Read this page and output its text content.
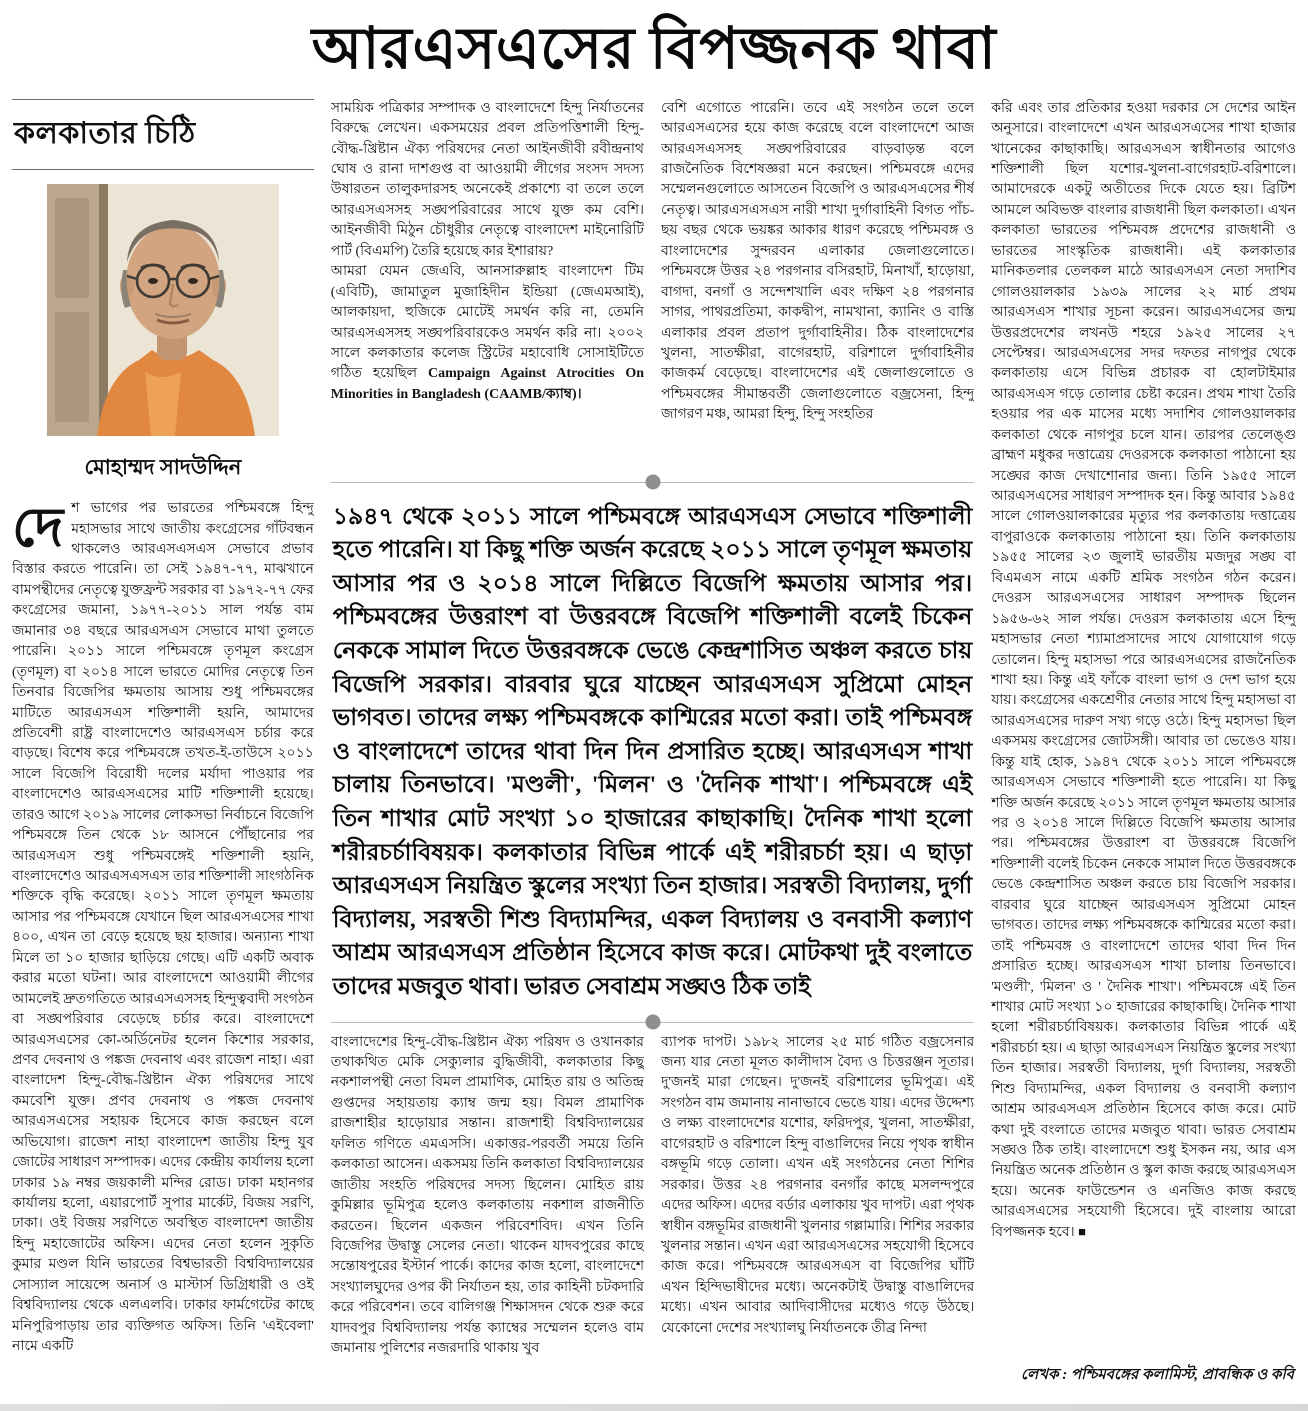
আরএসএসের বিপজ্জনক থাবা
কলকাতার চিঠি
মোহাম্মদ সাদউদ্দিন
দেশ ভাগের পর ভারতের পশ্চিমবঙ্গে হিন্দু মহাসভার সাথে জাতীয় কংগ্রেসের গাঁটবন্ধন থাকলেও আরএসএসএস সেভাবে প্রভাব বিস্তার করতে পারেনি। তা সেই ১৯৪৭-৭৭, মাঝখানে বামপন্থীদের নেতৃত্বে যুক্তফ্রন্ট সরকার বা ১৯৭২-৭৭ ফের কংগ্রেসের জমানা, ১৯৭৭-২০১১ সাল পর্যন্ত বাম জমানার ৩৪ বছরে আরএসএস সেভাবে মাথা তুলতে পারেনি। ২০১১ সালে পশ্চিমবঙ্গে তৃণমূল কংগ্রেস (তৃণমূল) বা ২০১৪ সালে ভারতে মোদির নেতৃত্বে তিন তিনবার বিজেপির ক্ষমতায় আসায় শুধু পশ্চিমবঙ্গের মাটিতে আরএসএস শক্তিশালী হয়নি, আমাদের প্রতিবেশী রাষ্ট্র বাংলাদেশেও আরএসএস চর্চার করে বাড়ছে। বিশেষ করে পশ্চিমবঙ্গে তখত-ই-তাউসে ২০১১ সালে বিজেপি বিরোধী দলের মর্যাদা পাওয়ার পর বাংলাদেশেও আরএসএসের মাটি শক্তিশালী হয়েছে। তারও আগে ২০১৯ সালের লোকসভা নির্বাচনে বিজেপি পশ্চিমবঙ্গে তিন থেকে ১৮ আসনে পৌঁছানোর পর আরএসএস শুধু পশ্চিমবঙ্গেই শক্তিশালী হয়নি, বাংলাদেশেও আরএসএসএস তার শক্তিশালী সাংগঠনিক শক্তিকে বৃদ্ধি করেছে। ২০১১ সালে তৃণমূল ক্ষমতায় আসার পর পশ্চিমবঙ্গে যেখানে ছিল আরএসএসের শাখা ৪০০, এখন তা বেড়ে হয়েছে ছয় হাজার। অন্যান্য শাখা মিলে তা ১০ হাজার ছাড়িয়ে গেছে। এটি একটি অবাক করার মতো ঘটনা। আর বাংলাদেশে আওয়ামী লীগের আমলেই দ্রুতগতিতে আরএসএসসহ হিন্দুত্ববাদী সংগঠন বা সঙ্ঘপরিবার বেড়েছে চর্চার করে। বাংলাদেশে আরএসএসের কো-অর্ডিনেটর হলেন কিশোর সরকার, প্রণব দেবনাথ ও পঙ্কজ দেবনাথ এবং রাজেশ নাহা। এরা বাংলাদেশ হিন্দু-বৌদ্ধ-খ্রিষ্টান ঐক্য পরিষদের সাথে কমবেশি যুক্ত। প্রণব দেবনাথ ও পঙ্কজ দেবনাথ আরএসএসের সহায়ক হিসেবে কাজ করছেন বলে অভিযোগ। রাজেশ নাহা বাংলাদেশ জাতীয় হিন্দু যুব জোটের সাধারণ সম্পাদক। এদের কেন্দ্রীয় কার্যালয় হলো ঢাকার ১৯ নম্বর জয়কালী মন্দির রোড। ঢাকা মহানগর কার্যালয় হলো, এয়ারপোর্ট সুপার মার্কেট, বিজয় সরণি, ঢাকা। ওই বিজয় সরণিতে অবস্থিত বাংলাদেশ জাতীয় হিন্দু মহাজোটের অফিস। এদের নেতা হলেন সুকৃতি কুমার মণ্ডল যিনি ভারতের বিশ্বভারতী বিশ্ববিদ্যালয়ের সোস্যাল সায়েন্সে অনার্স ও মাস্টার্স ডিগ্রিধারী ও ওই বিশ্ববিদ্যালয় থেকে এলএলবি। ঢাকার ফার্মগেটের কাছে মনিপুরিপাড়ায় তার ব্যক্তিগত অফিস। তিনি 'এইবেলা' নামে একটি

সাময়িক পত্রিকার সম্পাদক ও বাংলাদেশে হিন্দু নির্যাতনের বিরুদ্ধে লেখেন। একসময়ের প্রবল প্রতিপত্তিশালী হিন্দু-বৌদ্ধ-খ্রিষ্টান ঐক্য পরিষদের নেতা আইনজীবী রবীন্দ্রনাথ ঘোষ ও রানা দাশগুপ্ত বা আওয়ামী লীগের সংসদ সদস্য উষারতন তালুকদারসহ অনেকেই প্রকাশ্যে বা তলে তলে আরএসএসসহ সঙ্ঘপরিবারের সাথে যুক্ত কম বেশি। আইনজীবী মিঠুন চৌধুরীর নেতৃত্বে বাংলাদেশ মাইনোরিটি পার্ট (বিএমপি) তৈরি হয়েছে কার ইশারায়?

আমরা যেমন জেএবি, আনসারুল্লাহ বাংলাদেশ টিম (এবিটি), জামাতুল মুজাহিদীন ইন্ডিয়া (জেএমআই), আলকায়দা, হুজিকে মোটেই সমর্থন করি না, তেমনি আরএসএসসহ সঙ্ঘপরিবারকেও সমর্থন করি না। ২০০২ সালে কলকাতার কলেজ স্ট্রিটের মহাবোধি সোসাইটিতে গঠিত হয়েছিল Campaign Against Atrocities On Minorities in Bangladesh (CAAMB/ক্যাম্ব)।

বেশি এগোতে পারেনি। তবে এই সংগঠন তলে তলে আরএসএসের হয়ে কাজ করেছে বলে বাংলাদেশে আজ আরএসএসসহ সঙ্ঘপরিবারের বাড়বাড়ন্ত বলে রাজনৈতিক বিশেষজ্ঞরা মনে করছেন। পশ্চিমবঙ্গে এদের সম্মেলনগুলোতে আসতেন বিজেপি ও আরএসএসের শীর্ষ নেতৃত্ব। আরএসএসএস নারী শাখা দুর্গাবাহিনী বিগত পাঁচ-ছয় বছর থেকে ভয়ঙ্কর আকার ধারণ করেছে পশ্চিমবঙ্গ ও বাংলাদেশের সুন্দরবন এলাকার জেলাগুলোতে। পশ্চিমবঙ্গে উত্তর ২৪ পরগনার বসিরহাট, মিনাখাঁ, হাড়োয়া, বাগদা, বনগাঁ ও সন্দেশখালি এবং দক্ষিণ ২৪ পরগনার সাগর, পাথরপ্রতিমা, কাকদ্বীপ, নামখানা, ক্যানিং ও বাস্তি এলাকার প্রবল প্রতাপ দুর্গাবাহিনীর। ঠিক বাংলাদেশের খুলনা, সাতক্ষীরা, বাগেরহাট, বরিশালে দুর্গাবাহিনীর কাজকর্ম বেড়েছে। বাংলাদেশের এই জেলাগুলোতে ও পশ্চিমবঙ্গের সীমান্তবর্তী জেলাগুলোতে বজ্রসেনা, হিন্দু জাগরণ মঞ্চ, আমরা হিন্দু, হিন্দু সংহতির

১৯৪৭ থেকে ২০১১ সালে পশ্চিমবঙ্গে আরএসএস সেভাবে শক্তিশালী হতে পারেনি। যা কিছু শক্তি অর্জন করেছে ২০১১ সালে তৃণমূল ক্ষমতায় আসার পর ও ২০১৪ সালে দিল্লিতে বিজেপি ক্ষমতায় আসার পর। পশ্চিমবঙ্গের উত্তরাংশ বা উত্তরবঙ্গে বিজেপি শক্তিশালী বলেই চিকেন নেককে সামাল দিতে উত্তরবঙ্গকে ভেঙে কেন্দ্রশাসিত অঞ্চল করতে চায় বিজেপি সরকার। বারবার ঘুরে যাচ্ছেন আরএসএস সুপ্রিমো মোহন ভাগবত। তাদের লক্ষ্য পশ্চিমবঙ্গকে কাশ্মিরের মতো করা। তাই পশ্চিমবঙ্গ ও বাংলাদেশে তাদের থাবা দিন দিন প্রসারিত হচ্ছে। আরএসএস শাখা চালায় তিনভাবে। 'মণ্ডলী', 'মিলন' ও 'দৈনিক শাখা'। পশ্চিমবঙ্গে এই তিন শাখার মোট সংখ্যা ১০ হাজারের কাছাকাছি। দৈনিক শাখা হলো শরীরচর্চাবিষয়ক। কলকাতার বিভিন্ন পার্কে এই শরীরচর্চা হয়। এ ছাড়া আরএসএস নিয়ন্ত্রিত স্কুলের সংখ্যা তিন হাজার। সরস্বতী বিদ্যালয়, দুর্গা বিদ্যালয়, সরস্বতী শিশু বিদ্যামন্দির, একল বিদ্যালয় ও বনবাসী কল্যাণ আশ্রম আরএসএস প্রতিষ্ঠান হিসেবে কাজ করে। মোটকথা দুই বংলাতে তাদের মজবুত থাবা। ভারত সেবাশ্রম সঙ্ঘও ঠিক তাই

বাংলাদেশের হিন্দু-বৌদ্ধ-খ্রিষ্টান ঐক্য পরিষদ ও ওখানকার তথাকথিত মেকি সেক্যুলার বুদ্ধিজীবী, কলকাতার কিছু নকশালপন্থী নেতা বিমল প্রামাণিক, মোহিত রায় ও অতিন্দ্র গুপ্তদের সহায়তায় ক্যাম্ব জন্ম হয়। বিমল প্রামাণিক রাজশাহীর হাড়োয়ার সন্তান। রাজশাহী বিশ্ববিদ্যালয়ের ফলিত গণিতে এমএসসি। একাত্তর-পরবর্তী সময়ে তিনি কলকাতা আসেন। একসময় তিনি কলকাতা বিশ্ববিদ্যালয়ের জাতীয় সংহতি পরিষদের সদস্য ছিলেন। মোহিত রায় কুমিল্লার ভূমিপুত্র হলেও কলকাতায় নকশাল রাজনীতি করতেন। ছিলেন একজন পরিবেশবিদ। এখন তিনি বিজেপির উদ্বাস্তু সেলের নেতা। থাকেন যাদবপুরের কাছে সন্তোষপুরের ইস্টার্ন পার্কে। কাদের কাজ হলো, বাংলাদেশে সংখ্যালঘুদের ওপর কী নির্যাতন হয়, তার কাহিনী চটকদারি করে পরিবেশন। তবে বালিগঞ্জ শিক্ষাসদন থেকে শুরু করে যাদবপুর বিশ্ববিদ্যালয় পর্যন্ত ক্যাম্বের সম্মেলন হলেও বাম জমানায় পুলিশের নজরদারি থাকায় খুব

ব্যাপক দাপট। ১৯৮২ সালের ২৫ মার্চ গঠিত বজ্রসেনার জন্য যার নেতা মূলত কালীদাস বৈদ্য ও চিত্তরঞ্জন সূতার। দু'জনই মারা গেছেন। দু'জনই বরিশালের ভূমিপুত্র। এই সংগঠন বাম জমানায় নানাভাবে ভেঙে যায়। এদের উদ্দেশ্য ও লক্ষ্য বাংলাদেশের যশোর, ফরিদপুর, খুলনা, সাতক্ষীরা, বাগেরহাট ও বরিশালে হিন্দু বাঙালিদের নিয়ে পৃথক স্বাধীন বঙ্গভূমি গড়ে তোলা। এখন এই সংগঠনের নেতা শিশির সরকার। উত্তর ২৪ পরগনার বনগাঁর কাছে মসলন্দপুরে এদের অফিস। এদের বর্ডার এলাকায় খুব দাপট। এরা পৃথক স্বাধীন বঙ্গভূমির রাজধানী খুলনার গল্লামারি। শিশির সরকার খুলনার সন্তান। এখন এরা আরএসএসের সহযোগী হিসেবে কাজ করে। পশ্চিমবঙ্গে আরএসএস বা বিজেপির ঘাঁটি এখন হিন্দিভাষীদের মধ্যে। অনেকটাই উদ্বাস্তু বাঙালিদের মধ্যে। এখন আবার আদিবাসীদের মধ্যেও গড়ে উঠছে। যেকোনো দেশের সংখ্যালঘু নির্যাতনকে তীব্র নিন্দা

করি এবং তার প্রতিকার হওয়া দরকার সে দেশের আইন অনুসারে। বাংলাদেশে এখন আরএসএসের শাখা হাজার খানেকের কাছাকাছি। আরএসএস স্বাধীনতার আগেও শক্তিশালী ছিল যশোর-খুলনা-বাগেরহাট-বরিশালে। আমাদেরকে একটু অতীতের দিকে যেতে হয়। ব্রিটিশ আমলে অবিভক্ত বাংলার রাজধানী ছিল কলকাতা। এখন কলকাতা ভারতের পশ্চিমবঙ্গ প্রদেশের রাজধানী ও ভারতের সাংস্কৃতিক রাজধানী। এই কলকাতার মানিকতলার তেলকল মাঠে আরএসএস নেতা সদাশিব গোলওয়ালকার ১৯৩৯ সালের ২২ মার্চ প্রথম আরএসএস শাখার সূচনা করেন। আরএসএসের জন্ম উত্তরপ্রদেশের লখনউ শহরে ১৯২৫ সালের ২৭ সেপ্টেম্বর। আরএসএসের সদর দফতর নাগপুর থেকে কলকাতায় এসে বিভিন্ন প্রচারক বা হোলটাইমার আরএসএস গড়ে তোলার চেষ্টা করেন। প্রথম শাখা তৈরি হওয়ার পর এক মাসের মধ্যে সদাশিব গোলওয়ালকার কলকাতা থেকে নাগপুর চলে যান। তারপর তেলেঙ্গু ব্রাহ্মণ মধুকর দত্তাত্রেয় দেওরসকে কলকাতা পাঠানো হয় সঙ্ঘের কাজ দেখাশোনার জন্য। তিনি ১৯৫৫ সালে আরএসএসের সাধারণ সম্পাদক হন। কিন্তু আবার ১৯৪৫ সালে গোলওয়ালকারের মৃত্যুর পর কলকাতায় দত্তাত্রেয় বাপুরাওকে কলকাতায় পাঠানো হয়। তিনি কলকাতায় ১৯৫৫ সালের ২৩ জুলাই ভারতীয় মজদুর সঙ্ঘ বা বিএমএস নামে একটি শ্রমিক সংগঠন গঠন করেন। দেওরস আরএসএসের সাধারণ সম্পাদক ছিলেন ১৯৫৬-৬২ সাল পর্যন্ত। দেওরস কলকাতায় এসে হিন্দু মহাসভার নেতা শ্যামাপ্রসাদের সাথে যোগাযোগ গড়ে তোলেন। হিন্দু মহাসভা পরে আরএসএসের রাজনৈতিক শাখা হয়। কিন্তু এই ফাঁকে বাংলা ভাগ ও দেশ ভাগ হয়ে যায়। কংগ্রেসের একশ্রেণীর নেতার সাথে হিন্দু মহাসভা বা আরএসএসের দারুণ সখ্য গড়ে ওঠে। হিন্দু মহাসভা ছিল একসময় কংগ্রেসের জোটসঙ্গী। আবার তা ভেঙেও যায়। কিন্তু যাই হোক, ১৯৪৭ থেকে ২০১১ সালে পশ্চিমবঙ্গে আরএসএস সেভাবে শক্তিশালী হতে পারেনি। যা কিছু শক্তি অর্জন করেছে ২০১১ সালে তৃণমূল ক্ষমতায় আসার পর ও ২০১৪ সালে দিল্লিতে বিজেপি ক্ষমতায় আসার পর। পশ্চিমবঙ্গের উত্তরাংশ বা উত্তরবঙ্গে বিজেপি শক্তিশালী বলেই চিকেন নেককে সামাল দিতে উত্তরবঙ্গকে ভেঙে কেন্দ্রশাসিত অঞ্চল করতে চায় বিজেপি সরকার। বারবার ঘুরে যাচ্ছেন আরএসএস সুপ্রিমো মোহন ভাগবত। তাদের লক্ষ্য পশ্চিমবঙ্গকে কাশ্মিরের মতো করা। তাই পশ্চিমবঙ্গ ও বাংলাদেশে তাদের থাবা দিন দিন প্রসারিত হচ্ছে। আরএসএস শাখা চালায় তিনভাবে। 'মণ্ডলী', 'মিলন' ও ' দৈনিক শাখা'। পশ্চিমবঙ্গে এই তিন শাখার মোট সংখ্যা ১০ হাজারের কাছাকাছি। দৈনিক শাখা হলো শরীরচর্চাবিষয়ক। কলকাতার বিভিন্ন পার্কে এই শরীরচর্চা হয়। এ ছাড়া আরএসএস নিয়ন্ত্রিত স্কুলের সংখ্যা তিন হাজার। সরস্বতী বিদ্যালয়, দুর্গা বিদ্যালয়, সরস্বতী শিশু বিদ্যামন্দির, একল বিদ্যালয় ও বনবাসী কল্যাণ আশ্রম আরএসএস প্রতিষ্ঠান হিসেবে কাজ করে। মোট কথা দুই বংলাতে তাদের মজবুত থাবা। ভারত সেবাশ্রম সঙ্ঘও ঠিক তাই। বাংলাদেশে শুধু ইসকন নয়, আর এস নিয়ন্ত্রিত অনেক প্রতিষ্ঠান ও স্কুল কাজ করছে আরএসএস হয়ে। অনেক ফাউন্ডেশন ও এনজিও কাজ করছে আরএসএসের সহযোগী হিসেবে। দুই বাংলায় আরো বিপজ্জনক হবে। ■
লেখক : পশ্চিমবঙ্গের কলামিস্ট, প্রাবন্ধিক ও কবি
